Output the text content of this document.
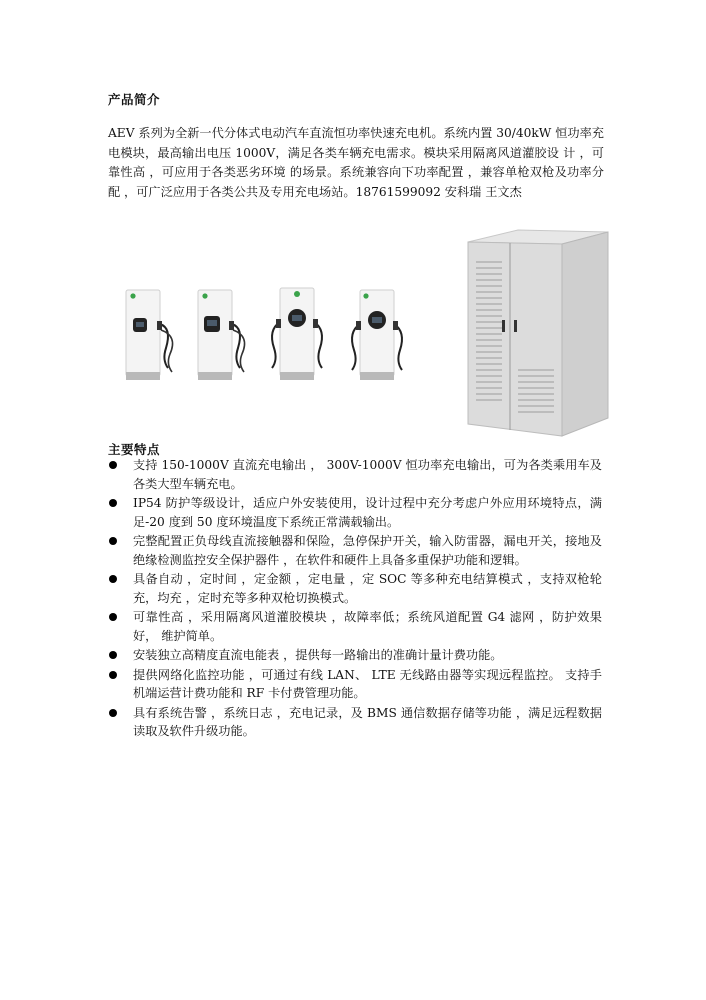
产品简介
AEV 系列为全新一代分体式电动汽车直流恒功率快速充电机。系统内置 30/40kW 恒功率充电模块，最高输出电压 1000V，满足各类车辆充电需求。模块采用隔离风道灌胶设 计 ，可靠性高 ，可应用于各类恶劣环境 的场景。系统兼容向下功率配置 ，兼容单枪双枪及功率分配 ，可广泛应用于各类公共及专用充电场站。18761599092 安科瑞 王文杰
主要特点
支持 150-1000V 直流充电输出 ， 300V-1000V 恒功率充电输出，可为各类乘用车及各类大型车辆充电。
IP54 防护等级设计，适应户外安装使用，设计过程中充分考虑户外应用环境特点，满足-20 度到 50 度环境温度下系统正常满载输出。
完整配置正负母线直流接触器和保险，急停保护开关，输入防雷器，漏电开关，接地及绝缘检测监控安全保护器件 ，在软件和硬件上具备多重保护功能和逻辑。
具备自动 ，定时间 ，定金额 ，定电量 ，定 SOC 等多种充电结算模式 ，支持双枪轮充，均充 ，定时充等多种双枪切换模式。
可靠性高 ，采用隔离风道灌胶模块 ，故障率低；系统风道配置 G4 滤网 ，防护效果好， 维护简单。
安装独立高精度直流电能表 ，提供每一路输出的准确计量计费功能。
提供网络化监控功能 ，可通过有线 LAN、 LTE 无线路由器等实现远程监控。 支持手机端运营计费功能和 RF 卡付费管理功能。
具有系统告警 ，系统日志 ，充电记录，及 BMS 通信数据存储等功能 ，满足远程数据读取及软件升级功能。
